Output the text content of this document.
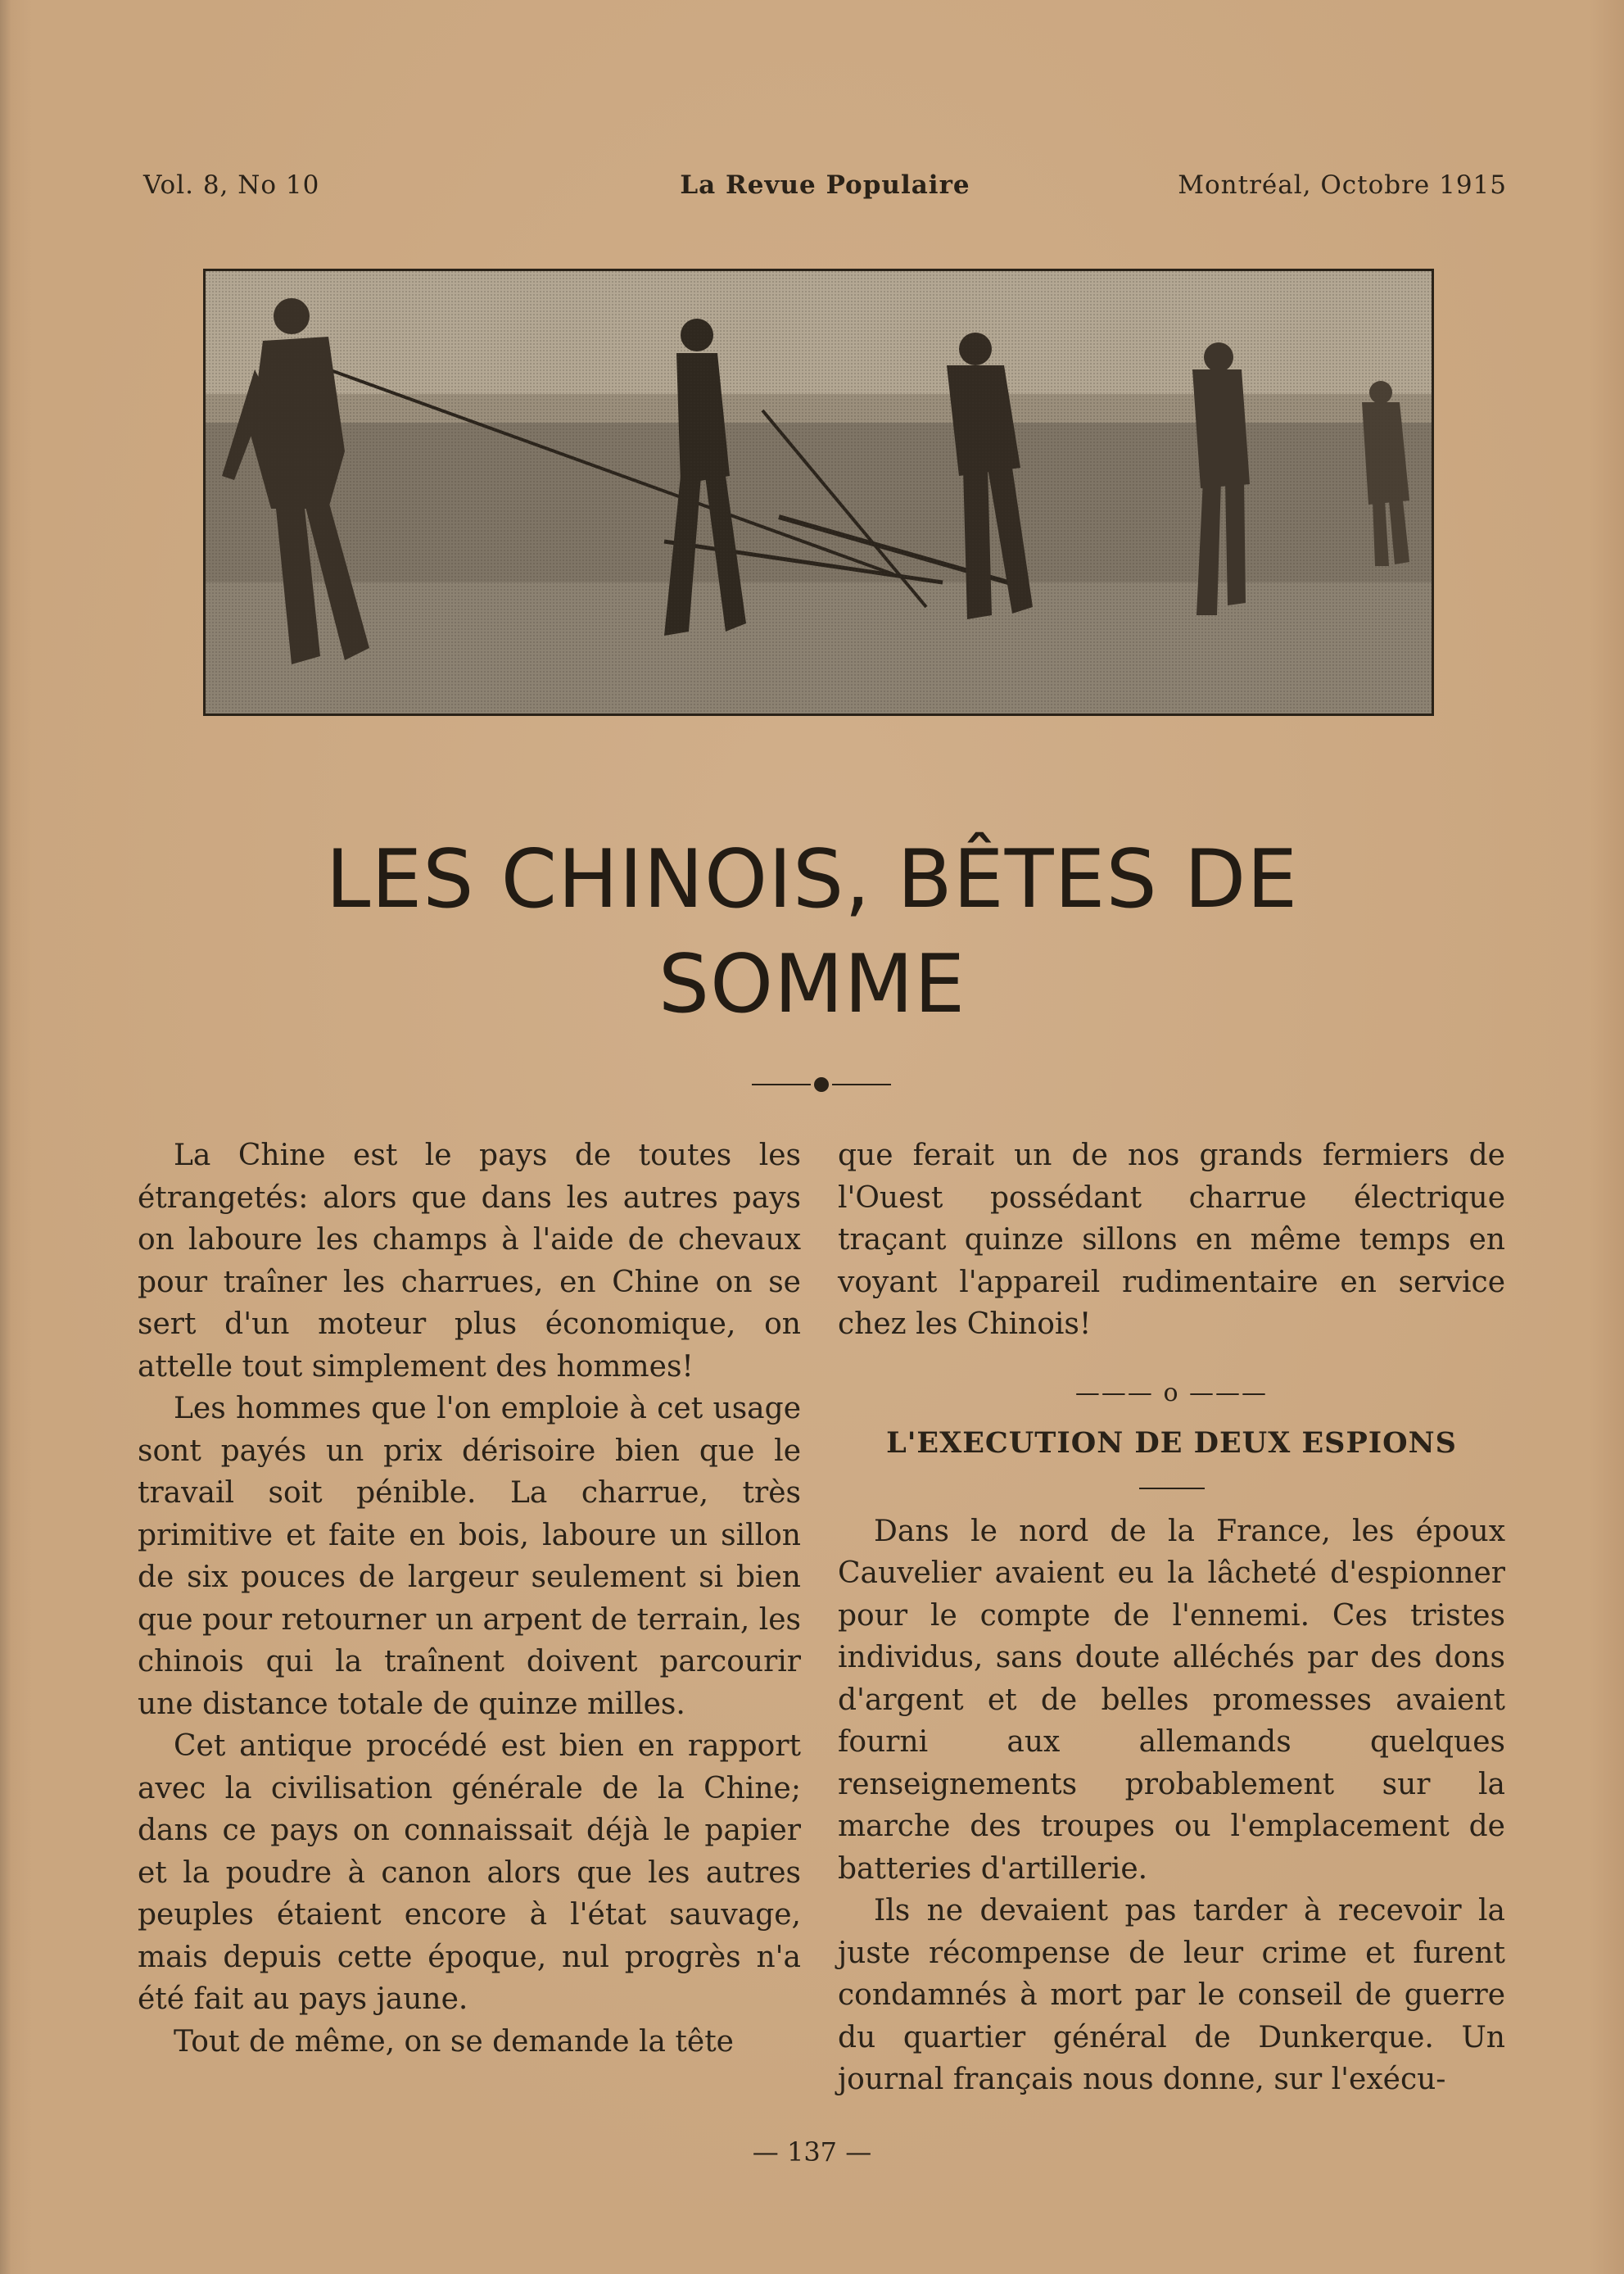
Vol. 8, No 10	La Revue Populaire	Montréal, Octobre 1915
LES CHINOIS, BÊTES DE
SOMME

La Chine est le pays de toutes les étrangetés: alors que dans les autres pays on laboure les champs à l'aide de chevaux pour traîner les charrues, en Chine on se sert d'un moteur plus économique, on attelle tout simplement des hommes!

Les hommes que l'on emploie à cet usage sont payés un prix dérisoire bien que le travail soit pénible. La charrue, très primitive et faite en bois, laboure un sillon de six pouces de largeur seulement si bien que pour retourner un arpent de terrain, les chinois qui la traînent doivent parcourir une distance totale de quinze milles.

Cet antique procédé est bien en rapport avec la civilisation générale de la Chine; dans ce pays on connaissait déjà le papier et la poudre à canon alors que les autres peuples étaient encore à l'état sauvage, mais depuis cette époque, nul progrès n'a été fait au pays jaune.

Tout de même, on se demande la tête

que ferait un de nos grands fermiers de l'Ouest possédant charrue électrique traçant quinze sillons en même temps en voyant l'appareil rudimentaire en service chez les Chinois!

——— o ———

L'EXECUTION DE DEUX ESPIONS

Dans le nord de la France, les époux Cauvelier avaient eu la lâcheté d'espionner pour le compte de l'ennemi. Ces tristes individus, sans doute alléchés par des dons d'argent et de belles promesses avaient fourni aux allemands quelques renseignements probablement sur la marche des troupes ou l'emplacement de batteries d'artillerie.

Ils ne devaient pas tarder à recevoir la juste récompense de leur crime et furent condamnés à mort par le conseil de guerre du quartier général de Dunkerque. Un journal français nous donne, sur l'exécu-

— 137 —
